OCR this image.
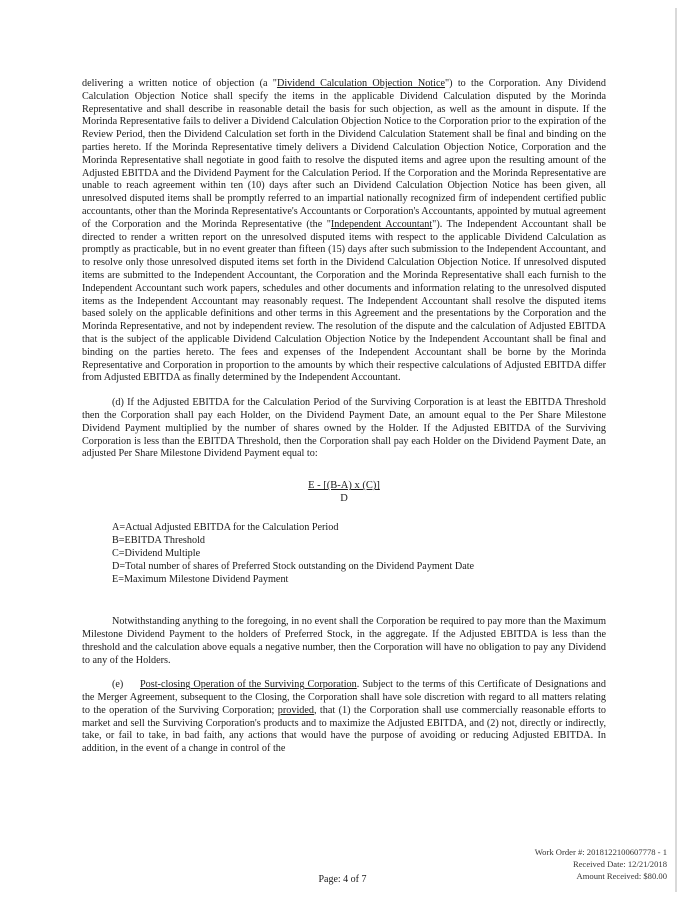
delivering a written notice of objection (a "Dividend Calculation Objection Notice") to the Corporation. Any Dividend Calculation Objection Notice shall specify the items in the applicable Dividend Calculation disputed by the Morinda Representative and shall describe in reasonable detail the basis for such objection, as well as the amount in dispute. If the Morinda Representative fails to deliver a Dividend Calculation Objection Notice to the Corporation prior to the expiration of the Review Period, then the Dividend Calculation set forth in the Dividend Calculation Statement shall be final and binding on the parties hereto. If the Morinda Representative timely delivers a Dividend Calculation Objection Notice, Corporation and the Morinda Representative shall negotiate in good faith to resolve the disputed items and agree upon the resulting amount of the Adjusted EBITDA and the Dividend Payment for the Calculation Period. If the Corporation and the Morinda Representative are unable to reach agreement within ten (10) days after such an Dividend Calculation Objection Notice has been given, all unresolved disputed items shall be promptly referred to an impartial nationally recognized firm of independent certified public accountants, other than the Morinda Representative's Accountants or Corporation's Accountants, appointed by mutual agreement of the Corporation and the Morinda Representative (the "Independent Accountant"). The Independent Accountant shall be directed to render a written report on the unresolved disputed items with respect to the applicable Dividend Calculation as promptly as practicable, but in no event greater than fifteen (15) days after such submission to the Independent Accountant, and to resolve only those unresolved disputed items set forth in the Dividend Calculation Objection Notice. If unresolved disputed items are submitted to the Independent Accountant, the Corporation and the Morinda Representative shall each furnish to the Independent Accountant such work papers, schedules and other documents and information relating to the unresolved disputed items as the Independent Accountant may reasonably request. The Independent Accountant shall resolve the disputed items based solely on the applicable definitions and other terms in this Agreement and the presentations by the Corporation and the Morinda Representative, and not by independent review. The resolution of the dispute and the calculation of Adjusted EBITDA that is the subject of the applicable Dividend Calculation Objection Notice by the Independent Accountant shall be final and binding on the parties hereto. The fees and expenses of the Independent Accountant shall be borne by the Morinda Representative and Corporation in proportion to the amounts by which their respective calculations of Adjusted EBITDA differ from Adjusted EBITDA as finally determined by the Independent Accountant.

(d) If the Adjusted EBITDA for the Calculation Period of the Surviving Corporation is at least the EBITDA Threshold then the Corporation shall pay each Holder, on the Dividend Payment Date, an amount equal to the Per Share Milestone Dividend Payment multiplied by the number of shares owned by the Holder. If the Adjusted EBITDA of the Surviving Corporation is less than the EBITDA Threshold, then the Corporation shall pay each Holder on the Dividend Payment Date, an adjusted Per Share Milestone Dividend Payment equal to:

E - [(B-A) x (C)]
D
A=Actual Adjusted EBITDA for the Calculation Period
B=EBITDA Threshold
C=Dividend Multiple
D=Total number of shares of Preferred Stock outstanding on the Dividend Payment Date
E=Maximum Milestone Dividend Payment

Notwithstanding anything to the foregoing, in no event shall the Corporation be required to pay more than the Maximum Milestone Dividend Payment to the holders of Preferred Stock, in the aggregate. If the Adjusted EBITDA is less than the threshold and the calculation above equals a negative number, then the Corporation will have no obligation to pay any Dividend to any of the Holders.

(e) Post-closing Operation of the Surviving Corporation. Subject to the terms of this Certificate of Designations and the Merger Agreement, subsequent to the Closing, the Corporation shall have sole discretion with regard to all matters relating to the operation of the Surviving Corporation; provided, that (1) the Corporation shall use commercially reasonable efforts to market and sell the Surviving Corporation's products and to maximize the Adjusted EBITDA, and (2) not, directly or indirectly, take, or fail to take, in bad faith, any actions that would have the purpose of avoiding or reducing Adjusted EBITDA. In addition, in the event of a change in control of the

Work Order #: 2018122100607778 - 1
Received Date: 12/21/2018
Amount Received: $80.00
Page: 4 of 7
